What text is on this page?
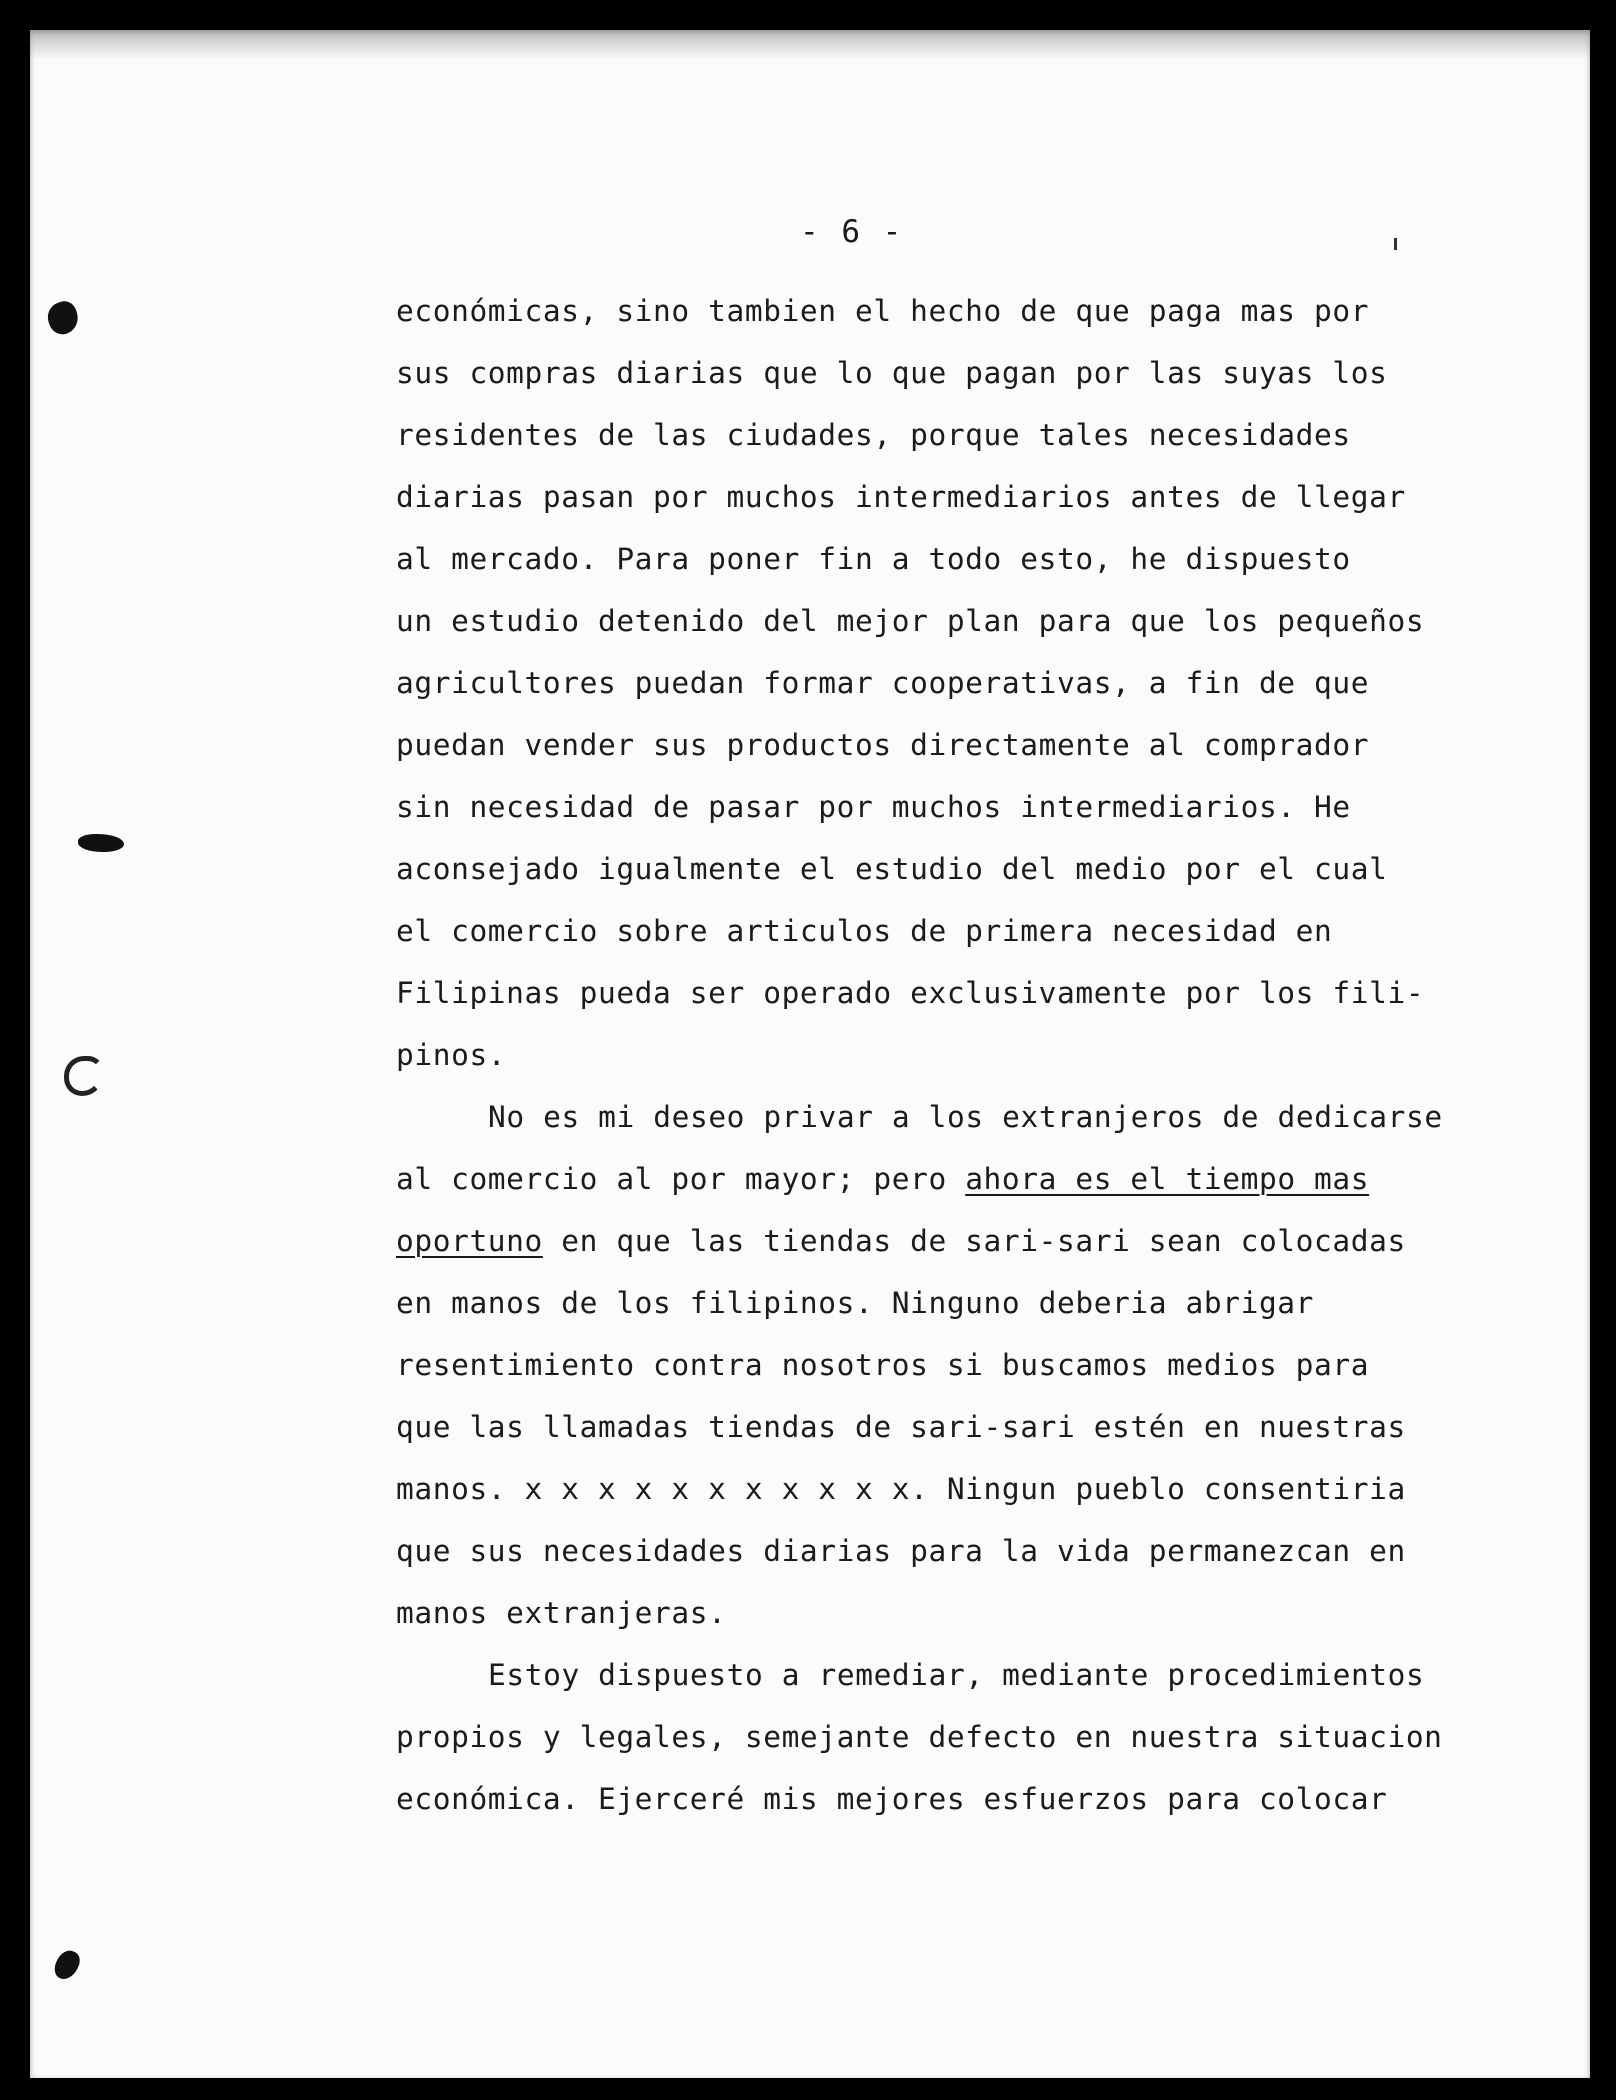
- 6 -
económicas, sino tambien el hecho de que paga mas por
sus compras diarias que lo que pagan por las suyas los
residentes de las ciudades, porque tales necesidades
diarias pasan por muchos intermediarios antes de llegar
al mercado. Para poner fin a todo esto, he dispuesto
un estudio detenido del mejor plan para que los pequeños
agricultores puedan formar cooperativas, a fin de que
puedan vender sus productos directamente al comprador
sin necesidad de pasar por muchos intermediarios. He
aconsejado igualmente el estudio del medio por el cual
el comercio sobre articulos de primera necesidad en
Filipinas pueda ser operado exclusivamente por los fili-
pinos.
No es mi deseo privar a los extranjeros de dedicarse
al comercio al por mayor; pero ahora es el tiempo mas
oportuno en que las tiendas de sari-sari sean colocadas
en manos de los filipinos. Ninguno deberia abrigar
resentimiento contra nosotros si buscamos medios para
que las llamadas tiendas de sari-sari estén en nuestras
manos. x x x x x x x x x x x. Ningun pueblo consentiria
que sus necesidades diarias para la vida permanezcan en
manos extranjeras.
Estoy dispuesto a remediar, mediante procedimientos
propios y legales, semejante defecto en nuestra situacion
económica. Ejerceré mis mejores esfuerzos para colocar
